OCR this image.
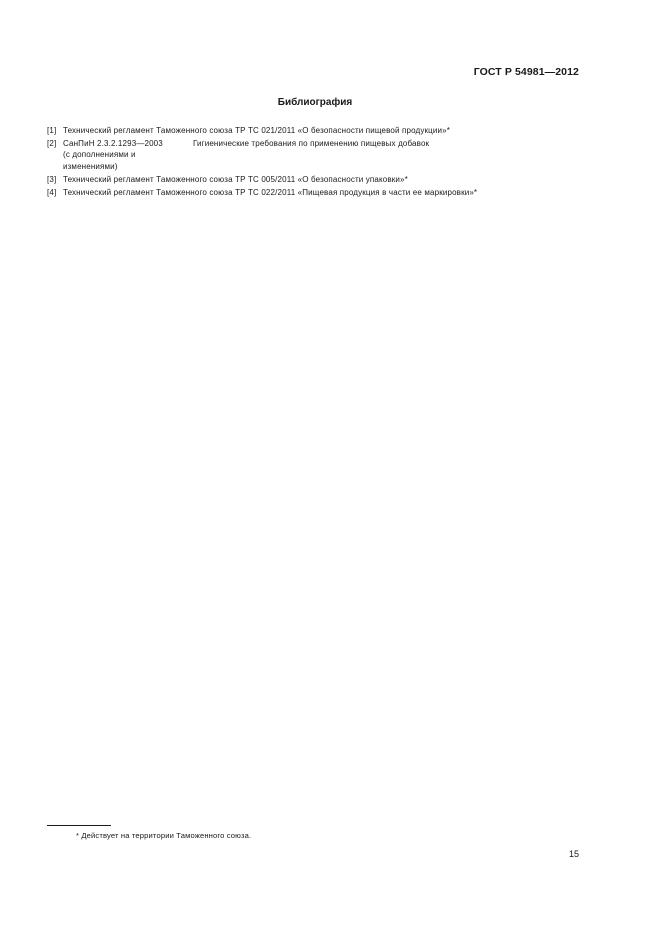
ГОСТ Р 54981—2012
Библиография
[1] Технический регламент Таможенного союза ТР ТС 021/2011 «О безопасности пищевой продукции»*
[2] СанПиН 2.3.2.1293—2003	Гигиенические требования по применению пищевых добавок
(с дополнениями и
изменениями)
[3] Технический регламент Таможенного союза ТР ТС 005/2011 «О безопасности упаковки»*
[4] Технический регламент Таможенного союза ТР ТС 022/2011 «Пищевая продукция в части ее маркировки»*
* Действует на территории Таможенного союза.
15
